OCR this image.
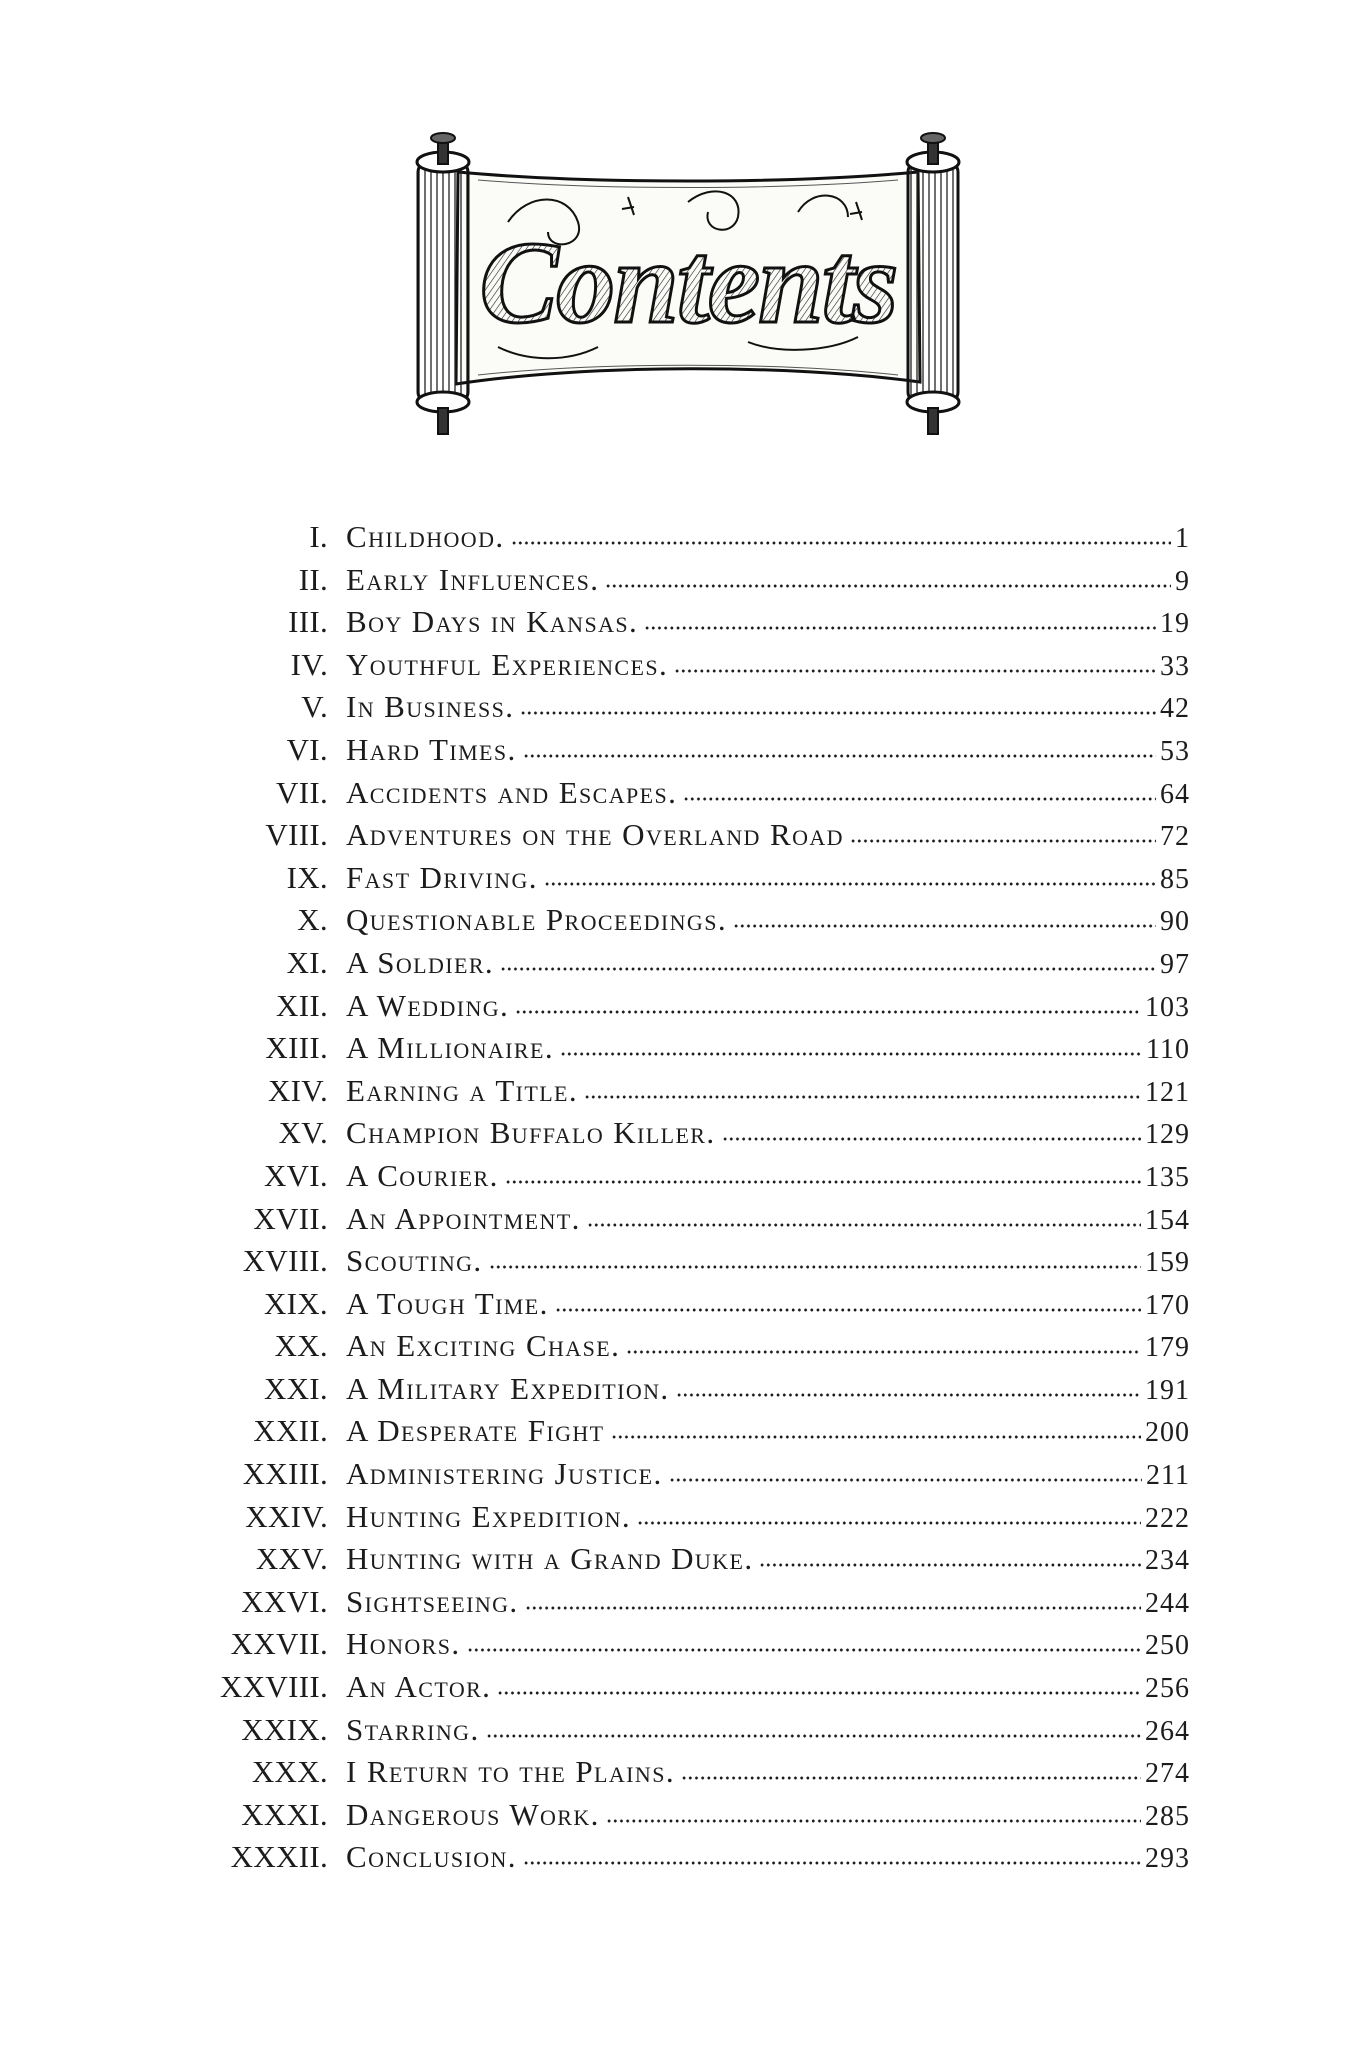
Contents
I. Childhood.	1
II. Early Influences.	9
III. Boy Days in Kansas.	19
IV. Youthful Experiences.	33
V. In Business.	42
VI. Hard Times.	53
VII. Accidents and Escapes.	64
VIII. Adventures on the Overland Road	72
IX. Fast Driving.	85
X. Questionable Proceedings.	90
XI. A Soldier.	97
XII. A Wedding.	103
XIII. A Millionaire.	110
XIV. Earning a Title.	121
XV. Champion Buffalo Killer.	129
XVI. A Courier.	135
XVII. An Appointment.	154
XVIII. Scouting.	159
XIX. A Tough Time.	170
XX. An Exciting Chase.	179
XXI. A Military Expedition.	191
XXII. A Desperate Fight	200
XXIII. Administering Justice.	211
XXIV. Hunting Expedition.	222
XXV. Hunting with a Grand Duke.	234
XXVI. Sightseeing.	244
XXVII. Honors.	250
XXVIII. An Actor.	256
XXIX. Starring.	264
XXX. I Return to the Plains.	274
XXXI. Dangerous Work.	285
XXXII. Conclusion.	293
